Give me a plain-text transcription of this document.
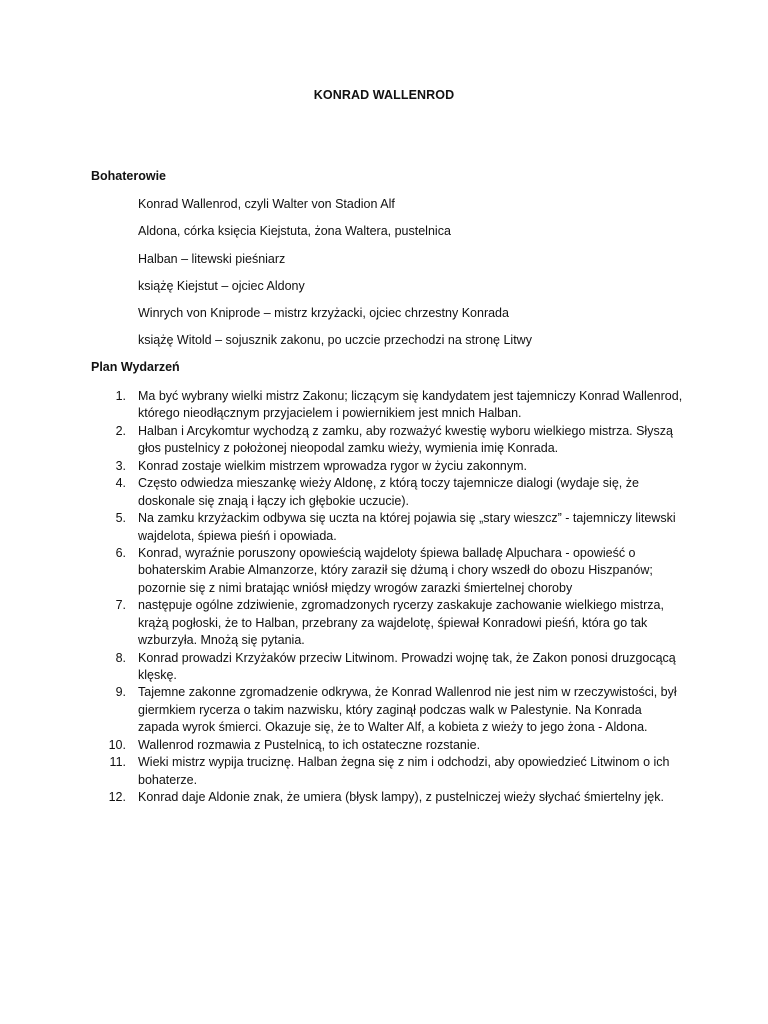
KONRAD WALLENROD
Bohaterowie
Konrad Wallenrod, czyli Walter von Stadion Alf
Aldona, córka księcia Kiejstuta, żona Waltera, pustelnica
Halban – litewski pieśniarz
książę Kiejstut – ojciec Aldony
Winrych von Kniprode – mistrz krzyżacki, ojciec chrzestny Konrada
książę Witold – sojusznik zakonu, po uczcie przechodzi na stronę Litwy
Plan Wydarzeń
1. Ma być wybrany wielki mistrz Zakonu; liczącym się kandydatem jest tajemniczy Konrad Wallenrod, którego nieodłącznym przyjacielem i powiernikiem jest mnich Halban.
2. Halban i Arcykomtur wychodzą z zamku, aby rozważyć kwestię wyboru wielkiego mistrza. Słyszą głos pustelnicy z położonej nieopodal zamku wieży, wymienia imię Konrada.
3. Konrad zostaje wielkim mistrzem wprowadza rygor w życiu zakonnym.
4. Często odwiedza mieszankę wieży Aldonę, z którą toczy tajemnicze dialogi (wydaje się, że doskonale się znają i łączy ich głębokie uczucie).
5. Na zamku krzyżackim odbywa się uczta na której pojawia się „stary wieszcz” - tajemniczy litewski wajdelota, śpiewa pieśń i opowiada.
6. Konrad, wyraźnie poruszony opowieścią wajdeloty śpiewa balladę Alpuchara - opowieść o bohaterskim Arabie Almanzorze, który zaraził się dżumą i chory wszedł do obozu Hiszpanów; pozornie się z nimi bratając wniósł między wrogów zarazki śmiertelnej choroby
7. następuje ogólne zdziwienie, zgromadzonych rycerzy zaskakuje zachowanie wielkiego mistrza, krążą pogłoski, że to Halban, przebrany za wajdelotę, śpiewał Konradowi pieśń, która go tak wzburzyła. Mnożą się pytania.
8. Konrad prowadzi Krzyżaków przeciw Litwinom. Prowadzi wojnę tak, że Zakon ponosi druzgocącą klęskę.
9. Tajemne zakonne zgromadzenie odkrywa, że Konrad Wallenrod nie jest nim w rzeczywistości, był giermkiem rycerza o takim nazwisku, który zaginął podczas walk w Palestynie. Na Konrada zapada wyrok śmierci. Okazuje się, że to Walter Alf, a kobieta z wieży to jego żona - Aldona.
10. Wallenrod rozmawia z Pustelnicą, to ich ostateczne rozstanie.
11. Wieki mistrz wypija truciznę. Halban żegna się z nim i odchodzi, aby opowiedzieć Litwinom o ich bohaterze.
12. Konrad daje Aldonie znak, że umiera (błysk lampy), z pustelniczej wieży słychać śmiertelny jęk.
